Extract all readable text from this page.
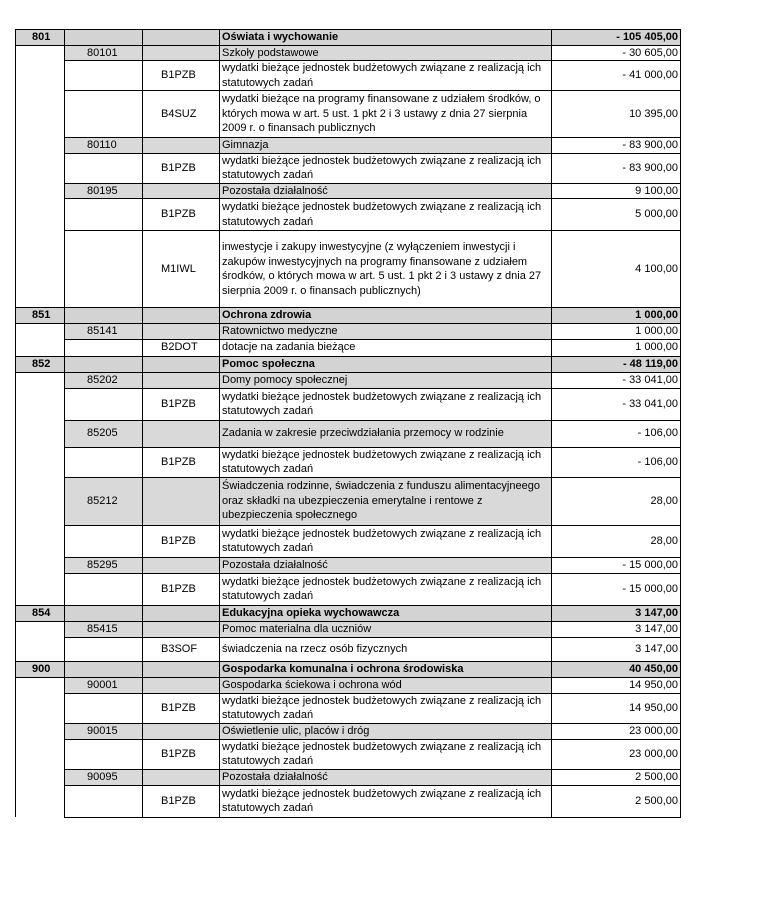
801			Oświata i wychowanie	- 105 405,00
	80101		Szkoły podstawowe	- 30 605,00
		B1PZB	wydatki bieżące jednostek budżetowych związane z realizacją ich statutowych zadań	- 41 000,00
		B4SUZ	wydatki bieżące na programy finansowane z udziałem środków, o których mowa w art. 5 ust. 1 pkt 2 i 3 ustawy z dnia 27 sierpnia 2009 r. o finansach publicznych	10 395,00
	80110		Gimnazja	- 83 900,00
		B1PZB	wydatki bieżące jednostek budżetowych związane z realizacją ich statutowych zadań	- 83 900,00
	80195		Pozostała działalność	9 100,00
		B1PZB	wydatki bieżące jednostek budżetowych związane z realizacją ich statutowych zadań	5 000,00
		M1IWL	inwestycje i zakupy inwestycyjne (z wyłączeniem inwestycji i zakupów inwestycyjnych na programy finansowane z udziałem środków, o których mowa w art. 5 ust. 1 pkt 2 i 3 ustawy z dnia 27 sierpnia 2009 r. o finansach publicznych)	4 100,00
851			Ochrona zdrowia	1 000,00
	85141		Ratownictwo medyczne	1 000,00
		B2DOT	dotacje na zadania bieżące	1 000,00
852			Pomoc społeczna	- 48 119,00
	85202		Domy pomocy społecznej	- 33 041,00
		B1PZB	wydatki bieżące jednostek budżetowych związane z realizacją ich statutowych zadań	- 33 041,00
	85205		Zadania w zakresie przeciwdziałania przemocy w rodzinie	- 106,00
		B1PZB	wydatki bieżące jednostek budżetowych związane z realizacją ich statutowych zadań	- 106,00
	85212		Świadczenia rodzinne, świadczenia z funduszu alimentacyjneego oraz składki na ubezpieczenia emerytalne i rentowe z ubezpieczenia społecznego	28,00
		B1PZB	wydatki bieżące jednostek budżetowych związane z realizacją ich statutowych zadań	28,00
	85295		Pozostała działalność	- 15 000,00
		B1PZB	wydatki bieżące jednostek budżetowych związane z realizacją ich statutowych zadań	- 15 000,00
854			Edukacyjna opieka wychowawcza	3 147,00
	85415		Pomoc materialna dla uczniów	3 147,00
		B3SOF	świadczenia na rzecz osób fizycznych	3 147,00
900			Gospodarka komunalna i ochrona środowiska	40 450,00
	90001		Gospodarka ściekowa i ochrona wód	14 950,00
		B1PZB	wydatki bieżące jednostek budżetowych związane z realizacją ich statutowych zadań	14 950,00
	90015		Oświetlenie ulic, placów i dróg	23 000,00
		B1PZB	wydatki bieżące jednostek budżetowych związane z realizacją ich statutowych zadań	23 000,00
	90095		Pozostała działalność	2 500,00
		B1PZB	wydatki bieżące jednostek budżetowych związane z realizacją ich statutowych zadań	2 500,00
